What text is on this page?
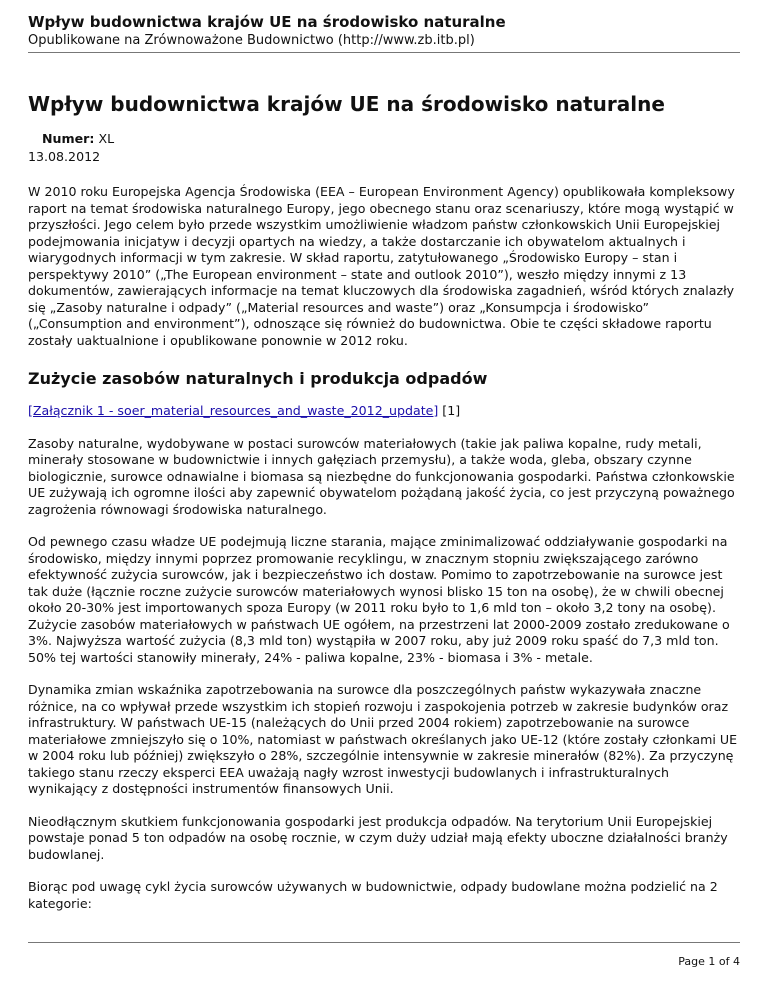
Wpływ budownictwa krajów UE na środowisko naturalne
Opublikowane na Zrównoważone Budownictwo (http://www.zb.itb.pl)
Wpływ budownictwa krajów UE na środowisko naturalne
Numer: XL
13.08.2012

W 2010 roku Europejska Agencja Środowiska (EEA – European Environment Agency) opublikowała kompleksowy raport na temat środowiska naturalnego Europy, jego obecnego stanu oraz scenariuszy, które mogą wystąpić w przyszłości. Jego celem było przede wszystkim umożliwienie władzom państw członkowskich Unii Europejskiej podejmowania inicjatyw i decyzji opartych na wiedzy, a także dostarczanie ich obywatelom aktualnych i wiarygodnych informacji w tym zakresie. W skład raportu, zatytułowanego „Środowisko Europy – stan i perspektywy 2010” („The European environment – state and outlook 2010”), weszło między innymi z 13 dokumentów, zawierających informacje na temat kluczowych dla środowiska zagadnień, wśród których znalazły się „Zasoby naturalne i odpady” („Material resources and waste”) oraz „Konsumpcja i środowisko” („Consumption and environment”), odnoszące się również do budownictwa. Obie te części składowe raportu zostały uaktualnione i opublikowane ponownie w 2012 roku.

Zużycie zasobów naturalnych i produkcja odpadów

[Załącznik 1 - soer_material_resources_and_waste_2012_update] [1]

Zasoby naturalne, wydobywane w postaci surowców materiałowych (takie jak paliwa kopalne, rudy metali, minerały stosowane w budownictwie i innych gałęziach przemysłu), a także woda, gleba, obszary czynne biologicznie, surowce odnawialne i biomasa są niezbędne do funkcjonowania gospodarki. Państwa członkowskie UE zużywają ich ogromne ilości aby zapewnić obywatelom pożądaną jakość życia, co jest przyczyną poważnego zagrożenia równowagi środowiska naturalnego.

Od pewnego czasu władze UE podejmują liczne starania, mające zminimalizować oddziaływanie gospodarki na środowisko, między innymi poprzez promowanie recyklingu, w znacznym stopniu zwiększającego zarówno efektywność zużycia surowców, jak i bezpieczeństwo ich dostaw. Pomimo to zapotrzebowanie na surowce jest tak duże (łącznie roczne zużycie surowców materiałowych wynosi blisko 15 ton na osobę), że w chwili obecnej około 20-30% jest importowanych spoza Europy (w 2011 roku było to 1,6 mld ton – około 3,2 tony na osobę).

Zużycie zasobów materiałowych w państwach UE ogółem, na przestrzeni lat 2000-2009 zostało zredukowane o 3%. Najwyższa wartość zużycia (8,3 mld ton) wystąpiła w 2007 roku, aby już 2009 roku spaść do 7,3 mld ton. 50% tej wartości stanowiły minerały, 24% - paliwa kopalne, 23% - biomasa i 3% - metale.

Dynamika zmian wskaźnika zapotrzebowania na surowce dla poszczególnych państw wykazywała znaczne różnice, na co wpływał przede wszystkim ich stopień rozwoju i zaspokojenia potrzeb w zakresie budynków oraz infrastruktury. W państwach UE-15 (należących do Unii przed 2004 rokiem) zapotrzebowanie na surowce materiałowe zmniejszyło się o 10%, natomiast w państwach określanych jako UE-12 (które zostały członkami UE w 2004 roku lub później) zwiększyło o 28%, szczególnie intensywnie w zakresie minerałów (82%). Za przyczynę takiego stanu rzeczy eksperci EEA uważają nagły wzrost inwestycji budowlanych i infrastrukturalnych wynikający z dostępności instrumentów finansowych Unii.

Nieodłącznym skutkiem funkcjonowania gospodarki jest produkcja odpadów. Na terytorium Unii Europejskiej powstaje ponad 5 ton odpadów na osobę rocznie, w czym duży udział mają efekty uboczne działalności branży budowlanej.

Biorąc pod uwagę cykl życia surowców używanych w budownictwie, odpady budowlane można podzielić na 2 kategorie:

Page 1 of 4
